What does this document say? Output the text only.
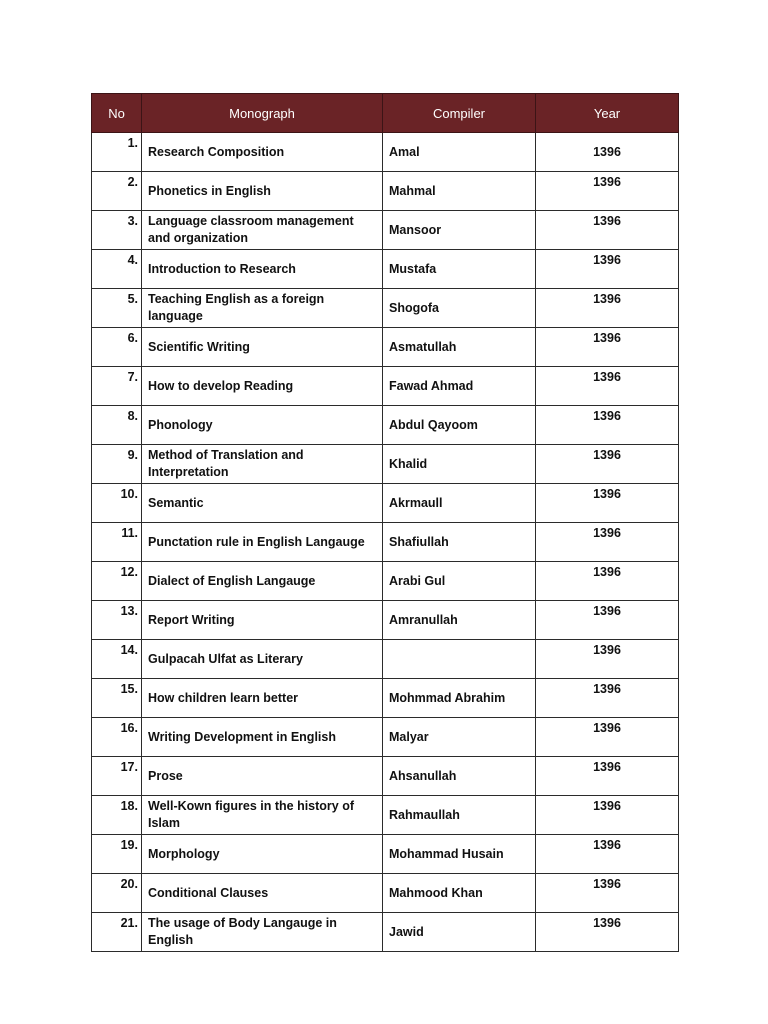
No	Monograph	Compiler	Year
1.	Research Composition	Amal	1396
2.	Phonetics in English	Mahmal	1396
3.	Language classroom management and organization	Mansoor	1396
4.	Introduction to Research	Mustafa	1396
5.	Teaching English as a foreign language	Shogofa	1396
6.	Scientific Writing	Asmatullah	1396
7.	How to develop Reading	Fawad Ahmad	1396
8.	Phonology	Abdul Qayoom	1396
9.	Method of Translation and Interpretation	Khalid	1396
10.	Semantic	Akrmaull	1396
11.	Punctation rule in English Langauge	Shafiullah	1396
12.	Dialect of English Langauge	Arabi Gul	1396
13.	Report Writing	Amranullah	1396
14.	Gulpacah Ulfat as Literary		1396
15.	How children learn better	Mohmmad Abrahim	1396
16.	Writing Development in English	Malyar	1396
17.	Prose	Ahsanullah	1396
18.	Well-Kown figures in the history of Islam	Rahmaullah	1396
19.	Morphology	Mohammad Husain	1396
20.	Conditional Clauses	Mahmood Khan	1396
21.	The usage of Body Langauge in English	Jawid	1396
